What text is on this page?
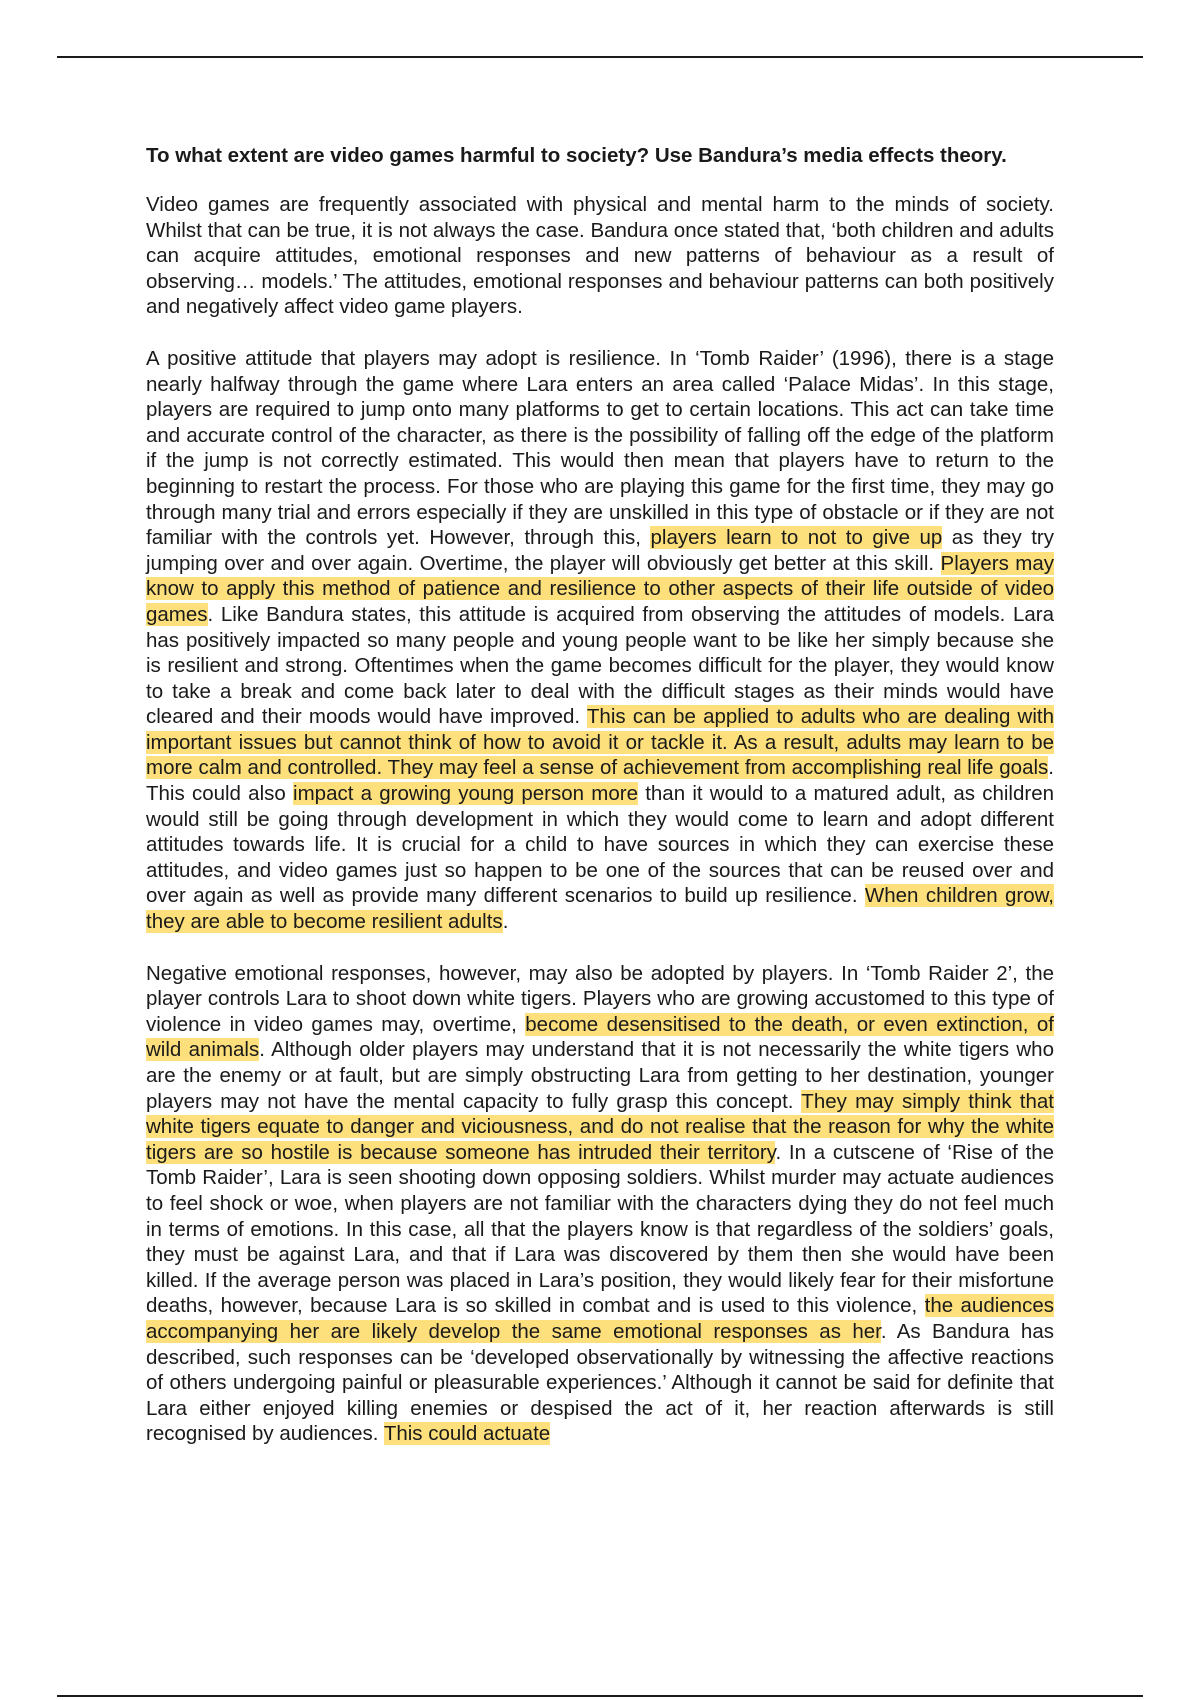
To what extent are video games harmful to society? Use Bandura’s media effects theory.

Video games are frequently associated with physical and mental harm to the minds of society. Whilst that can be true, it is not always the case. Bandura once stated that, ‘both children and adults can acquire attitudes, emotional responses and new patterns of behaviour as a result of observing… models.’ The attitudes, emotional responses and behaviour patterns can both positively and negatively affect video game players.

A positive attitude that players may adopt is resilience. In ‘Tomb Raider’ (1996), there is a stage nearly halfway through the game where Lara enters an area called ‘Palace Midas’. In this stage, players are required to jump onto many platforms to get to certain locations. This act can take time and accurate control of the character, as there is the possibility of falling off the edge of the platform if the jump is not correctly estimated. This would then mean that players have to return to the beginning to restart the process. For those who are playing this game for the first time, they may go through many trial and errors especially if they are unskilled in this type of obstacle or if they are not familiar with the controls yet. However, through this, players learn to not to give up as they try jumping over and over again. Overtime, the player will obviously get better at this skill. Players may know to apply this method of patience and resilience to other aspects of their life outside of video games. Like Bandura states, this attitude is acquired from observing the attitudes of models. Lara has positively impacted so many people and young people want to be like her simply because she is resilient and strong. Oftentimes when the game becomes difficult for the player, they would know to take a break and come back later to deal with the difficult stages as their minds would have cleared and their moods would have improved. This can be applied to adults who are dealing with important issues but cannot think of how to avoid it or tackle it. As a result, adults may learn to be more calm and controlled. They may feel a sense of achievement from accomplishing real life goals. This could also impact a growing young person more than it would to a matured adult, as children would still be going through development in which they would come to learn and adopt different attitudes towards life. It is crucial for a child to have sources in which they can exercise these attitudes, and video games just so happen to be one of the sources that can be reused over and over again as well as provide many different scenarios to build up resilience. When children grow, they are able to become resilient adults.

Negative emotional responses, however, may also be adopted by players. In ‘Tomb Raider 2’, the player controls Lara to shoot down white tigers. Players who are growing accustomed to this type of violence in video games may, overtime, become desensitised to the death, or even extinction, of wild animals. Although older players may understand that it is not necessarily the white tigers who are the enemy or at fault, but are simply obstructing Lara from getting to her destination, younger players may not have the mental capacity to fully grasp this concept. They may simply think that white tigers equate to danger and viciousness, and do not realise that the reason for why the white tigers are so hostile is because someone has intruded their territory. In a cutscene of ‘Rise of the Tomb Raider’, Lara is seen shooting down opposing soldiers. Whilst murder may actuate audiences to feel shock or woe, when players are not familiar with the characters dying they do not feel much in terms of emotions. In this case, all that the players know is that regardless of the soldiers’ goals, they must be against Lara, and that if Lara was discovered by them then she would have been killed. If the average person was placed in Lara’s position, they would likely fear for their misfortune deaths, however, because Lara is so skilled in combat and is used to this violence, the audiences accompanying her are likely develop the same emotional responses as her. As Bandura has described, such responses can be ‘developed observationally by witnessing the affective reactions of others undergoing painful or pleasurable experiences.’ Although it cannot be said for definite that Lara either enjoyed killing enemies or despised the act of it, her reaction afterwards is still recognised by audiences. This could actuate
